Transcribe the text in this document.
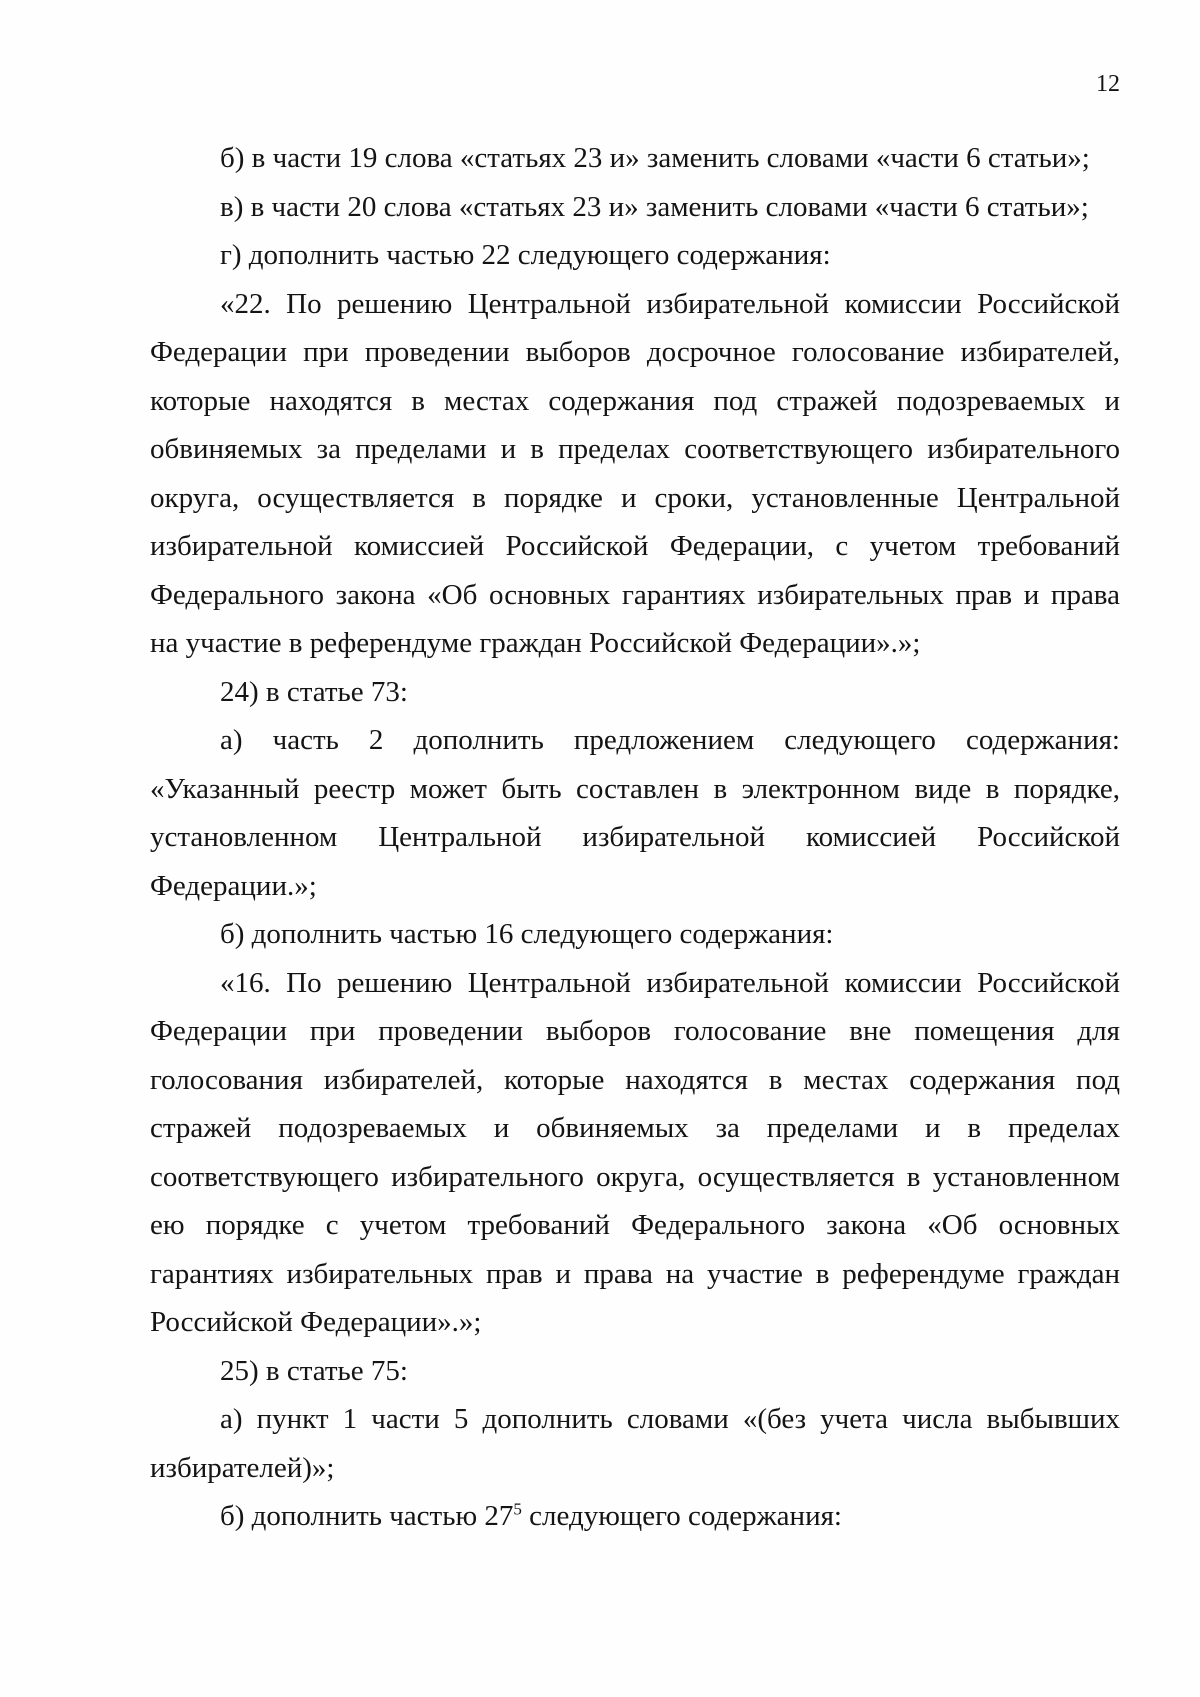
12

б) в части 19 слова «статьях 23 и» заменить словами «части 6 статьи»;

в) в части 20 слова «статьях 23 и» заменить словами «части 6 статьи»;

г) дополнить частью 22 следующего содержания:

«22. По решению Центральной избирательной комиссии Российской Федерации при проведении выборов досрочное голосование избирателей, которые находятся в местах содержания под стражей подозреваемых и обвиняемых за пределами и в пределах соответствующего избирательного округа, осуществляется в порядке и сроки, установленные Центральной избирательной комиссией Российской Федерации, с учетом требований Федерального закона «Об основных гарантиях избирательных прав и права на участие в референдуме граждан Российской Федерации».»;

24) в статье 73:

а) часть 2 дополнить предложением следующего содержания: «Указанный реестр может быть составлен в электронном виде в порядке, установленном Центральной избирательной комиссией Российской Федерации.»;

б) дополнить частью 16 следующего содержания:

«16. По решению Центральной избирательной комиссии Российской Федерации при проведении выборов голосование вне помещения для голосования избирателей, которые находятся в местах содержания под стражей подозреваемых и обвиняемых за пределами и в пределах соответствующего избирательного округа, осуществляется в установленном ею порядке с учетом требований Федерального закона «Об основных гарантиях избирательных прав и права на участие в референдуме граждан Российской Федерации».»;

25) в статье 75:

а) пункт 1 части 5 дополнить словами «(без учета числа выбывших избирателей)»;

б) дополнить частью $27^5$ следующего содержания:
